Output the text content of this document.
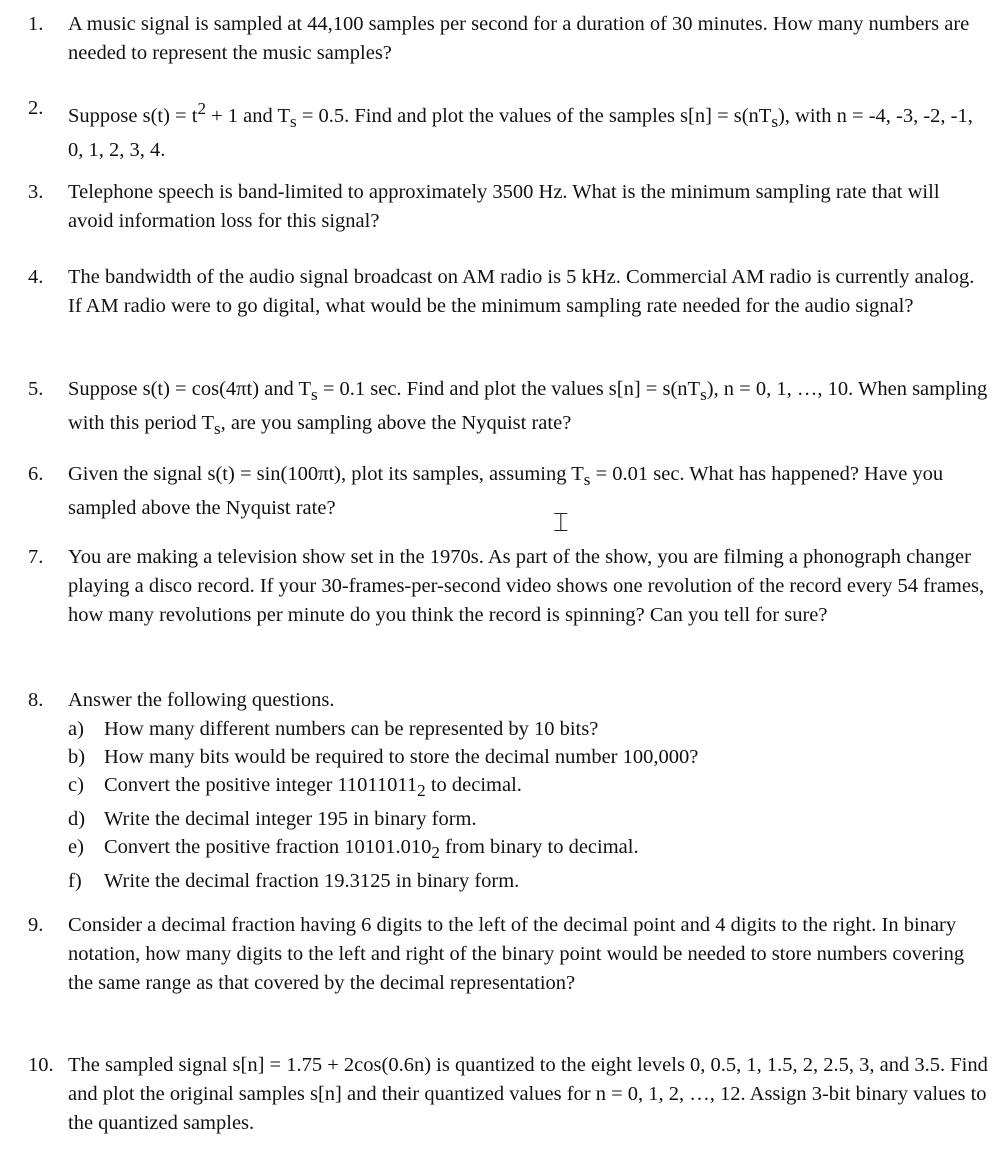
1.	A music signal is sampled at 44,100 samples per second for a duration of 30 minutes. How many numbers are needed to represent the music samples?
2.	Suppose $s(t) = t^2 + 1$ and $T_s = 0.5$. Find and plot the values of the samples $s[n] = s(nT_s)$, with n = -4, -3, -2, -1, 0, 1, 2, 3, 4.
3.	Telephone speech is band-limited to approximately 3500 Hz. What is the minimum sampling rate that will avoid information loss for this signal?
4.	The bandwidth of the audio signal broadcast on AM radio is 5 kHz. Commercial AM radio is currently analog. If AM radio were to go digital, what would be the minimum sampling rate needed for the audio signal?
5.	Suppose s(t) = cos(4πt) and $T_s = 0.1$ sec. Find and plot the values $s[n] = s(nT_s)$, n = 0, 1, …, 10. When sampling with this period $T_s$, are you sampling above the Nyquist rate?
6.	Given the signal s(t) = sin(100πt), plot its samples, assuming $T_s = 0.01$ sec. What has happened? Have you sampled above the Nyquist rate?
7.	You are making a television show set in the 1970s. As part of the show, you are filming a phonograph changer playing a disco record. If your 30-frames-per-second video shows one revolution of the record every 54 frames, how many revolutions per minute do you think the record is spinning? Can you tell for sure?
8.	Answer the following questions.
a) How many different numbers can be represented by 10 bits?
b) How many bits would be required to store the decimal number 100,000?
c) Convert the positive integer $11011011_2$ to decimal.
d) Write the decimal integer 195 in binary form.
e) Convert the positive fraction $10101.010_2$ from binary to decimal.
f) Write the decimal fraction 19.3125 in binary form.
9.	Consider a decimal fraction having 6 digits to the left of the decimal point and 4 digits to the right. In binary notation, how many digits to the left and right of the binary point would be needed to store numbers covering the same range as that covered by the decimal representation?
10. The sampled signal s[n] = 1.75 + 2cos(0.6n) is quantized to the eight levels 0, 0.5, 1, 1.5, 2, 2.5, 3, and 3.5. Find and plot the original samples s[n] and their quantized values for n = 0, 1, 2, …, 12. Assign 3-bit binary values to the quantized samples.
⌶
